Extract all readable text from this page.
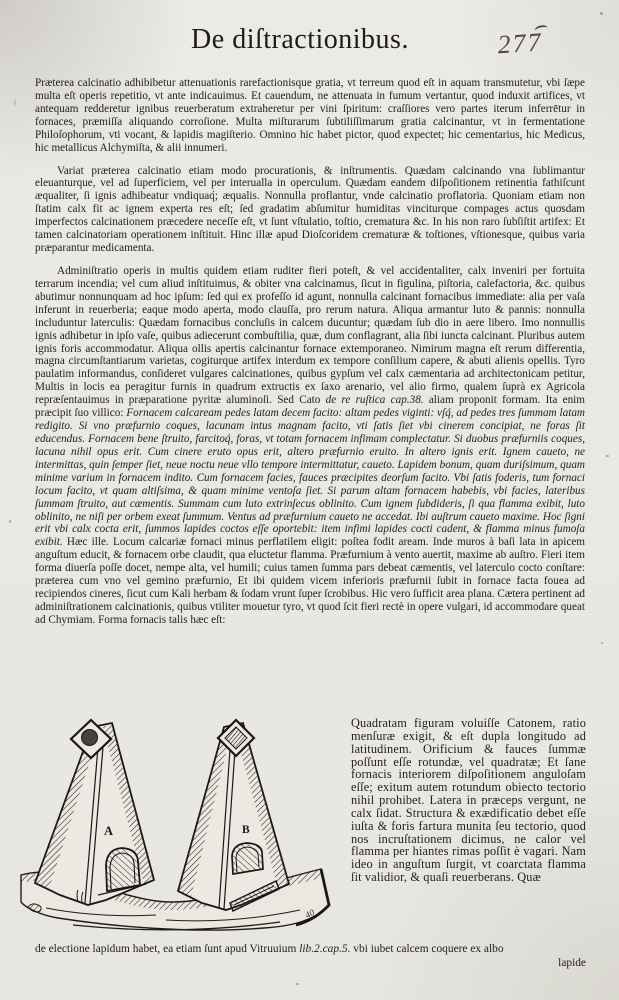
De diſtractionibus.	277

Præterea calcinatio adhibibetur attenuationis rarefactionisque gratia, vt terreum quod eſt in aquam transmutetur, vbi ſæpe multa eſt operis repetitio, vt ante indicauimus. Et cauendum, ne attenuata in fumum vertantur, quod induxit artifices, vt antequam redderetur ignibus reuerberatum extraheretur per vini ſpiritum: craſſiores vero partes iterum inferrētur in fornaces, præmiſſa aliquando corroſione. Multa miſturarum ſubtiliſſimarum gratia calcinantur, vt in fermentatione Philoſophorum, vti vocant, & lapidis magiſterio. Omnino hic habet pictor, quod expectet; hic cementarius, hic Medicus, hic metallicus Alchymiſta, & alii innumeri.

Variat præterea calcinatio etiam modo procurationis, & inſtrumentis. Quædam calcinando vna ſublimantur eleuanturque, vel ad ſuperficiem, vel per interualla in operculum. Quædam eandem diſpoſitionem retinentia fathiſcunt æqualiter, ſi ignis adhibeatur vndiquaq́; æqualis. Nonnulla proflantur, vnde calcinatio proflatoria. Quoniam etiam non ſtatim calx fit ac ignem experta res eſt; ſed gradatim abſumitur humiditas vinciturque compages actus quosdam imperfectos calcinationem præcedere neceſſe eſt, vt ſunt vſtulatio, toſtio, crematura &c. In his non raro ſubſiſtit artifex: Et tamen calcinatoriam operationem inſtituit. Hinc illæ apud Dioſcoridem crematuræ & toſtiones, vſtionesque, quibus varia præparantur medicamenta.

Adminiſtratio operis in multis quidem etiam ruditer fieri poteſt, & vel accidentaliter, calx inveniri per fortuita terrarum incendia; vel cum aliud inſtituimus, & obiter vna calcinamus, ſicut in figulina, piſtoria, calefactoria, &c. quibus abutimur nonnunquam ad hoc ipſum: ſed qui ex profeſſo id agunt, nonnulla calcinant fornacibus immediate: alia per vaſa inferunt in reuerberia; eaque modo aperta, modo clauſſa, pro rerum natura. Aliqua armantur luto & pannis: nonnulla includuntur laterculis: Quædam fornacibus concluſis in calcem ducuntur; quædam ſub dio in aere libero. Imo nonnullis ignis adhibetur in ipſo vaſe, quibus adiecerunt combuſtilia, quæ, dum conflagrant, alia ſibi iuncta calcinant. Pluribus autem ignis foris accommodatur. Aliqua ollis apertis calcinantur fornace extemporaneo. Nimirum magna eſt rerum differentia, magna circumſtantiarum varietas, cogiturque artifex interdum ex tempore conſilium capere, & abuti alienis opellis. Tyro paulatim informandus, conſideret vulgares calcinationes, quibus gypſum vel calx cæmentaria ad architectonicam petitur, Multis in locis ea peragitur furnis in quadrum extructis ex ſaxo arenario, vel alio firmo, qualem ſuprà ex Agricola repræſentauimus in præparatione pyritæ aluminoſi. Sed Cato de re ruſtica cap.38. aliam proponit formam. Ita enim præcipit ſuo villico: Fornacem calcaream pedes latam decem facito: altam pedes viginti: vſq́, ad pedes tres ſummam latam redigito. Si vno præfurnio coques, lacunam intus magnam facito, vti ſatis ſiet vbi cinerem concipiat, ne foras ſit educendus. Fornacem bene ſtruito, farcitoq́, foras, vt totam fornacem infimam complectatur. Si duobus præfurniis coques, lacuna nihil opus erit. Cum cinere eruto opus erit, altero præfurnio eruito. In altero ignis erit. Ignem caueto, ne intermittas, quin ſemper ſiet, neue noctu neue vllo tempore intermittatur, caueto. Lapidem bonum, quam duriſsimum, quam minime varium in fornacem indito. Cum fornacem facies, fauces præcipites deorſum facito. Vbi ſatis foderis, tum fornaci locum facito, vt quam altiſsima, & quam minime ventoſa ſiet. Si parum altam fornacem habebis, vbi facies, lateribus ſummam ſtruito, aut cæmentis. Summam cum luto extrinſecus oblinito. Cum ignem ſubdideris, ſi qua flamma exibit, luto oblinito, ne niſi per orbem exeat ſummum. Ventus ad præfurnium caueto ne accedat. Ibi auſtrum caueto maxime. Hoc ſigni erit vbi calx cocta erit, ſummos lapides coctos eſſe oportebit: item infimi lapides cocti cadent, & flamma minus fumoſa exibit. Hæc ille. Locum calcariæ fornaci minus perflatilem eligit: poſtea fodit aream. Inde muros à baſi lata in apicem anguſtum educit, & fornacem orbe claudit, qua eluctetur flamma. Præfurnium à vento auertit, maxime ab auſtro. Fieri item forma diuerſa poſſe docet, nempe alta, vel humili; cuius tamen ſumma pars debeat cæmentis, vel laterculo cocto conſtare: præterea cum vno vel gemino præfurnio, Et ibi quidem vicem inferioris præfurnii ſubit in fornace facta fouea ad recipiendos cineres, ſicut cum Kali herbam & ſodam vrunt ſuper ſcrobibus. Hic vero ſufficit area plana. Cætera pertinent ad adminiſtrationem calcinationis, quibus vtiliter mouetur tyro, vt quod ſcit fieri rectè in opere vulgari, id accommodare queat ad Chymiam. Forma fornacis talis hæc eſt:

A	B
40
Quadratam figuram voluiſſe Catonem, ratio menſuræ exigit, & eſt dupla longitudo ad latitudinem. Orificium & fauces ſummæ poſſunt eſſe rotundæ, vel quadratæ; Et ſane fornacis interiorem diſpoſitionem anguloſam eſſe; exitum autem rotundum obiecto tectorio nihil prohibet. Latera in præceps vergunt, ne calx ſidat. Structura & exædificatio debet eſſe iuſta & foris fartura munita ſeu tectorio, quod nos incruſtationem dicimus, ne calor vel flamma per hiantes rimas poſſit è vagari. Nam ideo in anguſtum ſurgit, vt coarctata flamma ſit validior, & quaſi reuerberans. Quæ
de electione lapidum habet, ea etiam ſunt apud Vitruuium lib.2.cap.5. vbi iubet calcem coquere ex albo
lapide
